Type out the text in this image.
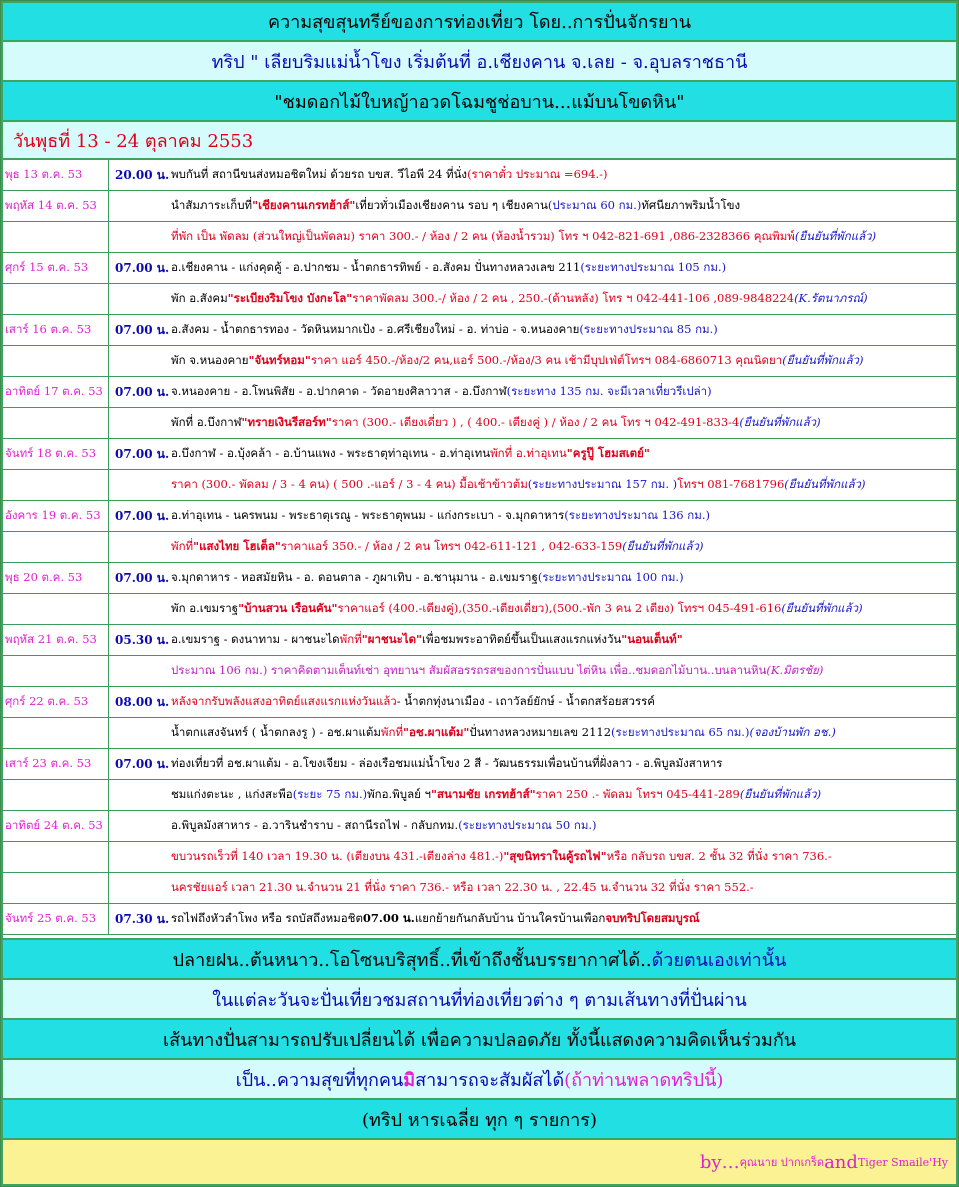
ความสุขสุนทรีย์ของการท่องเที่ยว โดย..การปั่นจักรยาน
ทริป " เลียบริมแม่น้ำโขง เริ่มต้นที่ อ.เชียงคาน จ.เลย - จ.อุบลราชธานี
"ชมดอกไม้ใบหญ้าอวดโฉมชูช่อบาน...แม้บนโขดหิน"
วันพุธที่ 13 - 24 ตุลาคม 2553
พุธ 13 ต.ค. 53	20.00 น. พบกันที่ สถานีขนส่งหมอชิตใหม่ ด้วยรถ บขส. วีไอพี 24 ที่นั่ง (ราคาตั๋ว ประมาณ =694.-)
พฤหัส 14 ต.ค. 53	นำสัมภาระเก็บที่ "เชียงคานเกรทฮ้าส์" เที่ยวทั่วเมืองเชียงคาน รอบ ๆ เชียงคาน (ประมาณ 60 กม.) ทัศนียภาพริมน้ำโขง
ที่พัก เป็น พัดลม (ส่วนใหญ่เป็นพัดลม) ราคา 300.- / ห้อง / 2 คน (ห้องน้ำรวม) โทร ฯ 042-821-691 ,086-2328366 คุณพิมพ์ (ยืนยันที่พักแล้ว)
ศุกร์ 15 ต.ค. 53	07.00 น. อ.เชียงคาน - แก่งคุดคู้ - อ.ปากชม - น้ำตกธารทิพย์ - อ.สังคม ปั่นทางหลวงเลข 211 (ระยะทางประมาณ 105 กม.)
พัก อ.สังคม "ระเบียงริมโขง บังกะโล" ราคาพัดลม 300.-/ ห้อง / 2 คน , 250.-(ด้านหลัง) โทร ฯ 042-441-106 ,089-9848224 (K.รัตนาภรณ์)
เสาร์ 16 ต.ค. 53	07.00 น. อ.สังคม - น้ำตกธารทอง - วัดหินหมากเป้ง - อ.ศรีเชียงใหม่ - อ. ท่าบ่อ - จ.หนองคาย (ระยะทางประมาณ 85 กม.)
พัก จ.หนองคาย "จันทร์หอม" ราคา แอร์ 450.-/ห้อง/2 คน,แอร์ 500.-/ห้อง/3 คน เช้ามีบุปเฟ่ต์โทรฯ 084-6860713 คุณนิดยา (ยืนยันที่พักแล้ว)
อาทิตย์ 17 ต.ค. 53	07.00 น. จ.หนองคาย - อ.โพนพิสัย - อ.ปากคาด - วัดอายงศิลาวาส - อ.บึงกาฬ (ระยะทาง 135 กม. จะมีเวลาเที่ยวรีเปล่า)
พักที่ อ.บึงกาฬ "ทรายเงินรีสอร์ท" ราคา (300.- เตียงเดี่ยว ) , ( 400.- เตียงคู่ ) / ห้อง / 2 คน โทร ฯ 042-491-833-4 (ยืนยันที่พักแล้ว)
จันทร์ 18 ต.ค. 53	07.00 น. อ.บึงกาฬ - อ.บุ้งคล้า - อ.บ้านแพง - พระธาตุท่าอุเทน - อ.ท่าอุเทน พักที่ อ.ท่าอุเทน "ครูปู๊ โฮมสเตย์"
ราคา (300.- พัดลม / 3 - 4 คน) ( 500 .-แอร์ / 3 - 4 คน) มื้อเช้าข้าวต้ม (ระยะทางประมาณ 157 กม. ) โทรฯ 081-7681796 (ยืนยันที่พักแล้ว)
อังคาร 19 ต.ค. 53	07.00 น. อ.ท่าอุเทน - นครพนม - พระธาตุเรณู - พระธาตุพนม - แก่งกระเบา - จ.มุกดาหาร (ระยะทางประมาณ 136 กม.)
พักที่ "แสงไทย โฮเต็ล" ราคาแอร์ 350.- / ห้อง / 2 คน โทรฯ 042-611-121 , 042-633-159 (ยืนยันที่พักแล้ว)
พุธ 20 ต.ค. 53	07.00 น. จ.มุกดาหาร - หอสมัยหิน - อ. ดอนตาล - ภูผาเทิบ - อ.ชานุมาน - อ.เขมราฐ (ระยะทางประมาณ 100 กม.)
พัก อ.เขมราฐ "บ้านสวน เรือนคัน" ราคาแอร์ (400.-เตียงคู่),(350.-เตียงเดี่ยว),(500.-พัก 3 คน 2 เตียง) โทรฯ 045-491-616 (ยืนยันที่พักแล้ว)
พฤหัส 21 ต.ค. 53	05.30 น. อ.เขมราฐ - ดงนาทาม - ผาชนะได พักที่ "ผาชนะได" เพื่อชมพระอาทิตย์ขึ้นเป็นแสงแรกแห่งวัน "นอนเต็นท์"
ประมาณ 106 กม.) ราคาคิดตามเต็นท์เช่า อุทยานฯ สัมผัสอรรถรสของการปั่นแบบ ไต่หิน เพื่อ..ชมดอกไม้บาน..บนลานหิน (K.มิตรชัย)
ศุกร์ 22 ต.ค. 53	08.00 น. หลังจากรับพลังแสงอาทิตย์แสงแรกแห่งวันแล้ว - น้ำตกทุ่งนาเมือง - เถาวัลย์ยักษ์ - น้ำตกสร้อยสวรรค์
น้ำตกแสงจันทร์ ( น้ำตกลงรู ) - อช.ผาแต้ม พักที่ "อช.ผาแต้ม" ปั่นทางหลวงหมายเลข 2112 (ระยะทางประมาณ 65 กม.) (จองบ้านพัก อช.)
เสาร์ 23 ต.ค. 53	07.00 น. ท่องเที่ยวที่ อช.ผาแต้ม - อ.โขงเจียม - ล่องเรือชมแม่น้ำโขง 2 สี - วัฒนธรรมเพื่อนบ้านที่ฝั่งลาว - อ.พิบูลมังสาหาร
ชมแก่งตะนะ , แก่งสะพือ (ระยะ 75 กม.) พักอ.พิบูลย์ ฯ "สนามชัย เกรทฮ้าส์" ราคา 250 .- พัดลม โทรฯ 045-441-289 (ยืนยันที่พักแล้ว)
อาทิตย์ 24 ต.ค. 53	อ.พิบูลมังสาหาร - อ.วารินชำราบ - สถานีรถไฟ - กลับกทม. (ระยะทางประมาณ 50 กม.)
ขบวนรถเร็วที่ 140 เวลา 19.30 น. (เตียงบน 431.-เตียงล่าง 481.-) "สุขนิทราในคู้รถไฟ" หรือ กลับรถ บขส. 2 ชั้น 32 ที่นั่ง ราคา 736.-
นครชัยแอร์ เวลา 21.30 น.จำนวน 21 ที่นั่ง ราคา 736.- หรือ เวลา 22.30 น. , 22.45 น.จำนวน 32 ที่นั่ง ราคา 552.-
จันทร์ 25 ต.ค. 53	07.30 น. รถไฟถึงหัวลำโพง หรือ รถบัสถึงหมอชิต 07.00 น. แยกย้ายกันกลับบ้าน บ้านใครบ้านเพือก จบทริปโดยสมบูรณ์
ปลายฝน..ต้นหนาว..โอโซนบริสุทธิ์..ที่เข้าถึงชั้นบรรยากาศได้.. ด้วยตนเองเท่านั้น
ในแต่ละวันจะปั่นเที่ยวชมสถานที่ท่องเที่ยวต่าง ๆ ตามเส้นทางที่ปั่นผ่าน
เส้นทางปั่นสามารถปรับเปลี่ยนได้ เพื่อความปลอดภัย ทั้งนี้แสดงความคิดเห็นร่วมกัน
เป็น..ความสุขที่ทุกคน มิ สามารถจะสัมผัสได้ (ถ้าท่านพลาดทริปนี้)
(ทริป หารเฉลี่ย ทุก ๆ รายการ)
by… คุณนาย ปากเกร็ด and Tiger Smaile'Hy
